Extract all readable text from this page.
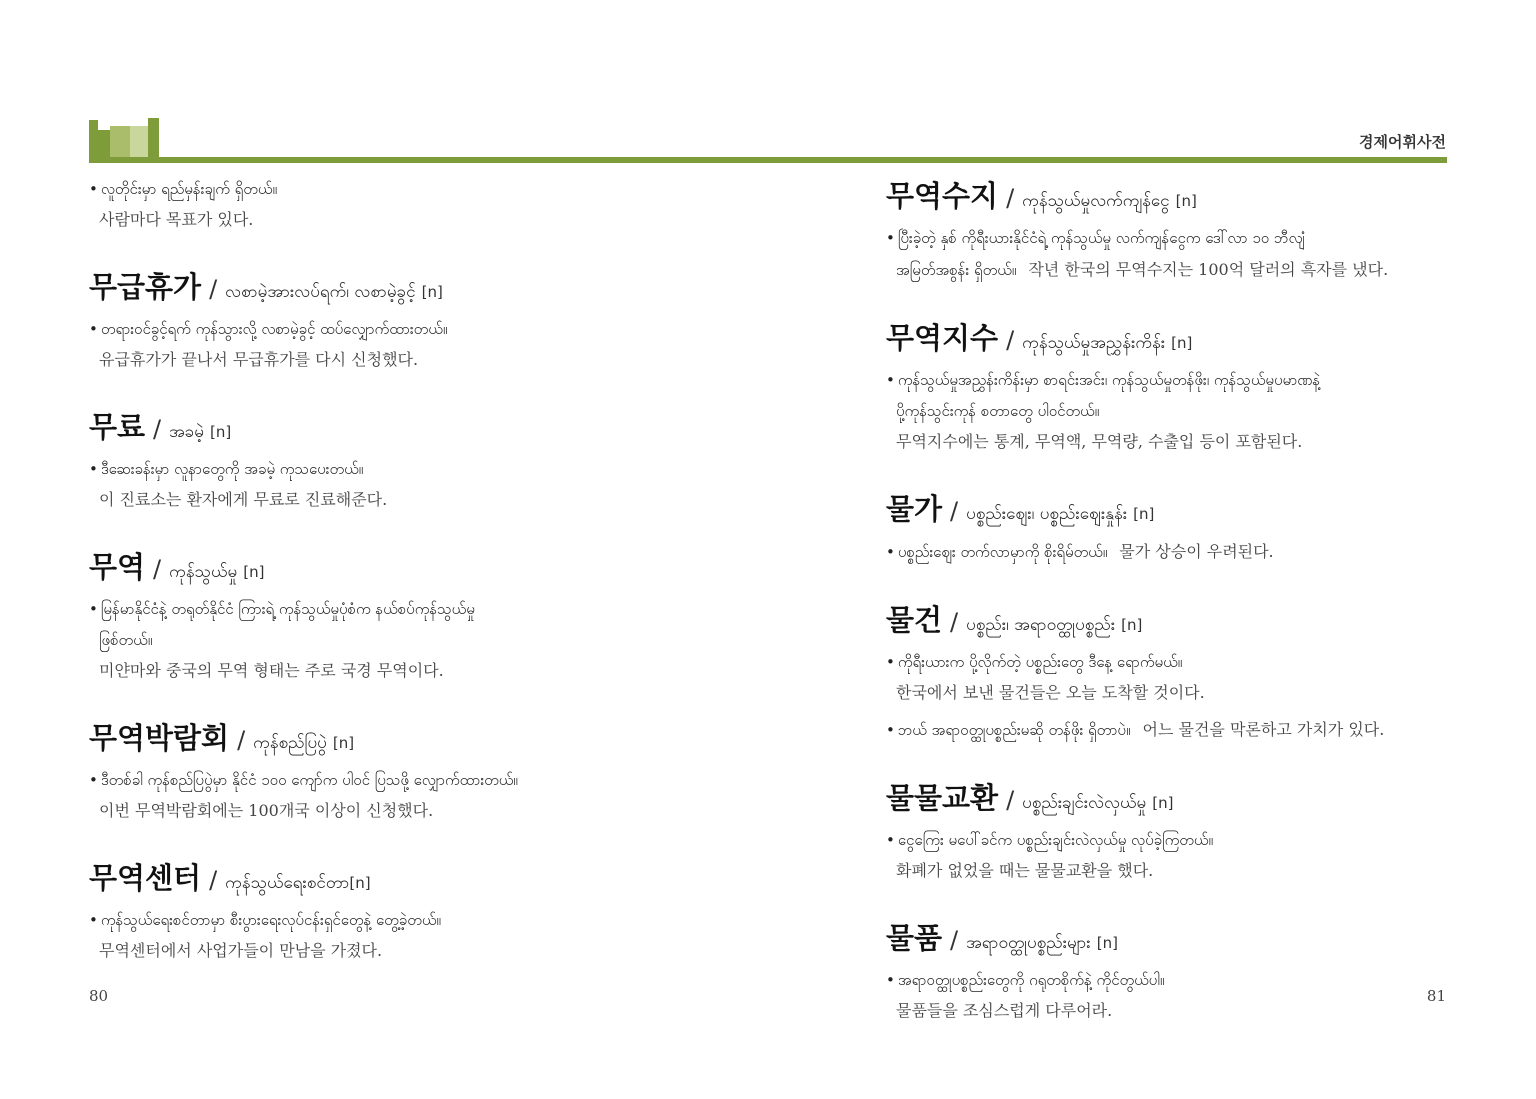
• လူတိုင်းမှာ ရည်မှန်းချက် ရှိတယ်။
사람마다 목표가 있다.
무급휴가 / လစာမဲ့အားလပ်ရက်၊ လစာမဲ့ခွင့် [n]
• တရားဝင်ခွင့်ရက် ကုန်သွားလို့ လစာမဲ့ခွင့် ထပ်လျှောက်ထားတယ်။
유급휴가가 끝나서 무급휴가를 다시 신청했다.
무료 / အခမဲ့ [n]
• ဒီဆေးခန်းမှာ လူနာတွေကို အခမဲ့ ကုသပေးတယ်။
이 진료소는 환자에게 무료로 진료해준다.
무역 / ကုန်သွယ်မှု [n]
• မြန်မာနိုင်ငံနဲ့ တရုတ်နိုင်ငံ ကြားရဲ့ ကုန်သွယ်မှုပုံစံက နယ်စပ်ကုန်သွယ်မှု
ဖြစ်တယ်။
미얀마와 중국의 무역 형태는 주로 국경 무역이다.
무역박람회 / ကုန်စည်ပြပွဲ [n]
• ဒီတစ်ခါ ကုန်စည်ပြပွဲမှာ နိုင်ငံ ၁၀၀ ကျော်က ပါဝင် ပြသဖို့ လျှောက်ထားတယ်။
이번 무역박람회에는 100개국 이상이 신청했다.
무역센터 / ကုန်သွယ်ရေးစင်တာ [n]
• ကုန်သွယ်ရေးစင်တာမှာ စီးပွားရေးလုပ်ငန်းရှင်တွေနဲ့ တွေ့ခဲ့တယ်။
무역센터에서 사업가들이 만남을 가졌다.
80
경제어휘사전
무역수지 / ကုန်သွယ်မှုလက်ကျန်ငွေ [n]
• ပြီးခဲ့တဲ့ နှစ် ကိုရီးယားနိုင်ငံရဲ့ ကုန်သွယ်မှု လက်ကျန်ငွေက ဒေါ်လာ ၁၀ ဘီလျံ
အမြတ်အစွန်း ရှိတယ်။ 작년 한국의 무역수지는 100억 달러의 흑자를 냈다.
무역지수 / ကုန်သွယ်မှုအညွှန်းကိန်း [n]
• ကုန်သွယ်မှုအညွှန်းကိန်းမှာ စာရင်းအင်း၊ ကုန်သွယ်မှုတန်ဖိုး၊ ကုန်သွယ်မှုပမာဏနဲ့
ပို့ကုန်သွင်းကုန် စတာတွေ ပါဝင်တယ်။
무역지수에는 통계, 무역액, 무역량, 수출입 등이 포함된다.
물가 / ပစ္စည်းဈေး၊ ပစ္စည်းဈေးနှုန်း [n]
• ပစ္စည်းဈေး တက်လာမှာကို စိုးရိမ်တယ်။ 물가 상승이 우려된다.
물건 / ပစ္စည်း၊ အရာဝတ္ထုပစ္စည်း [n]
• ကိုရီးယားက ပို့လိုက်တဲ့ ပစ္စည်းတွေ ဒီနေ့ ရောက်မယ်။
한국에서 보낸 물건들은 오늘 도착할 것이다.
• ဘယ် အရာဝတ္ထုပစ္စည်းမဆို တန်ဖိုး ရှိတာပဲ။ 어느 물건을 막론하고 가치가 있다.
물물교환 / ပစ္စည်းချင်းလဲလှယ်မှု [n]
• ငွေကြေး မပေါ်ခင်က ပစ္စည်းချင်းလဲလှယ်မှု လုပ်ခဲ့ကြတယ်။
화폐가 없었을 때는 물물교환을 했다.
물품 / အရာဝတ္ထုပစ္စည်းများ [n]
• အရာဝတ္ထုပစ္စည်းတွေကို ဂရုတစိုက်နဲ့ ကိုင်တွယ်ပါ။
물품들을 조심스럽게 다루어라.
81
